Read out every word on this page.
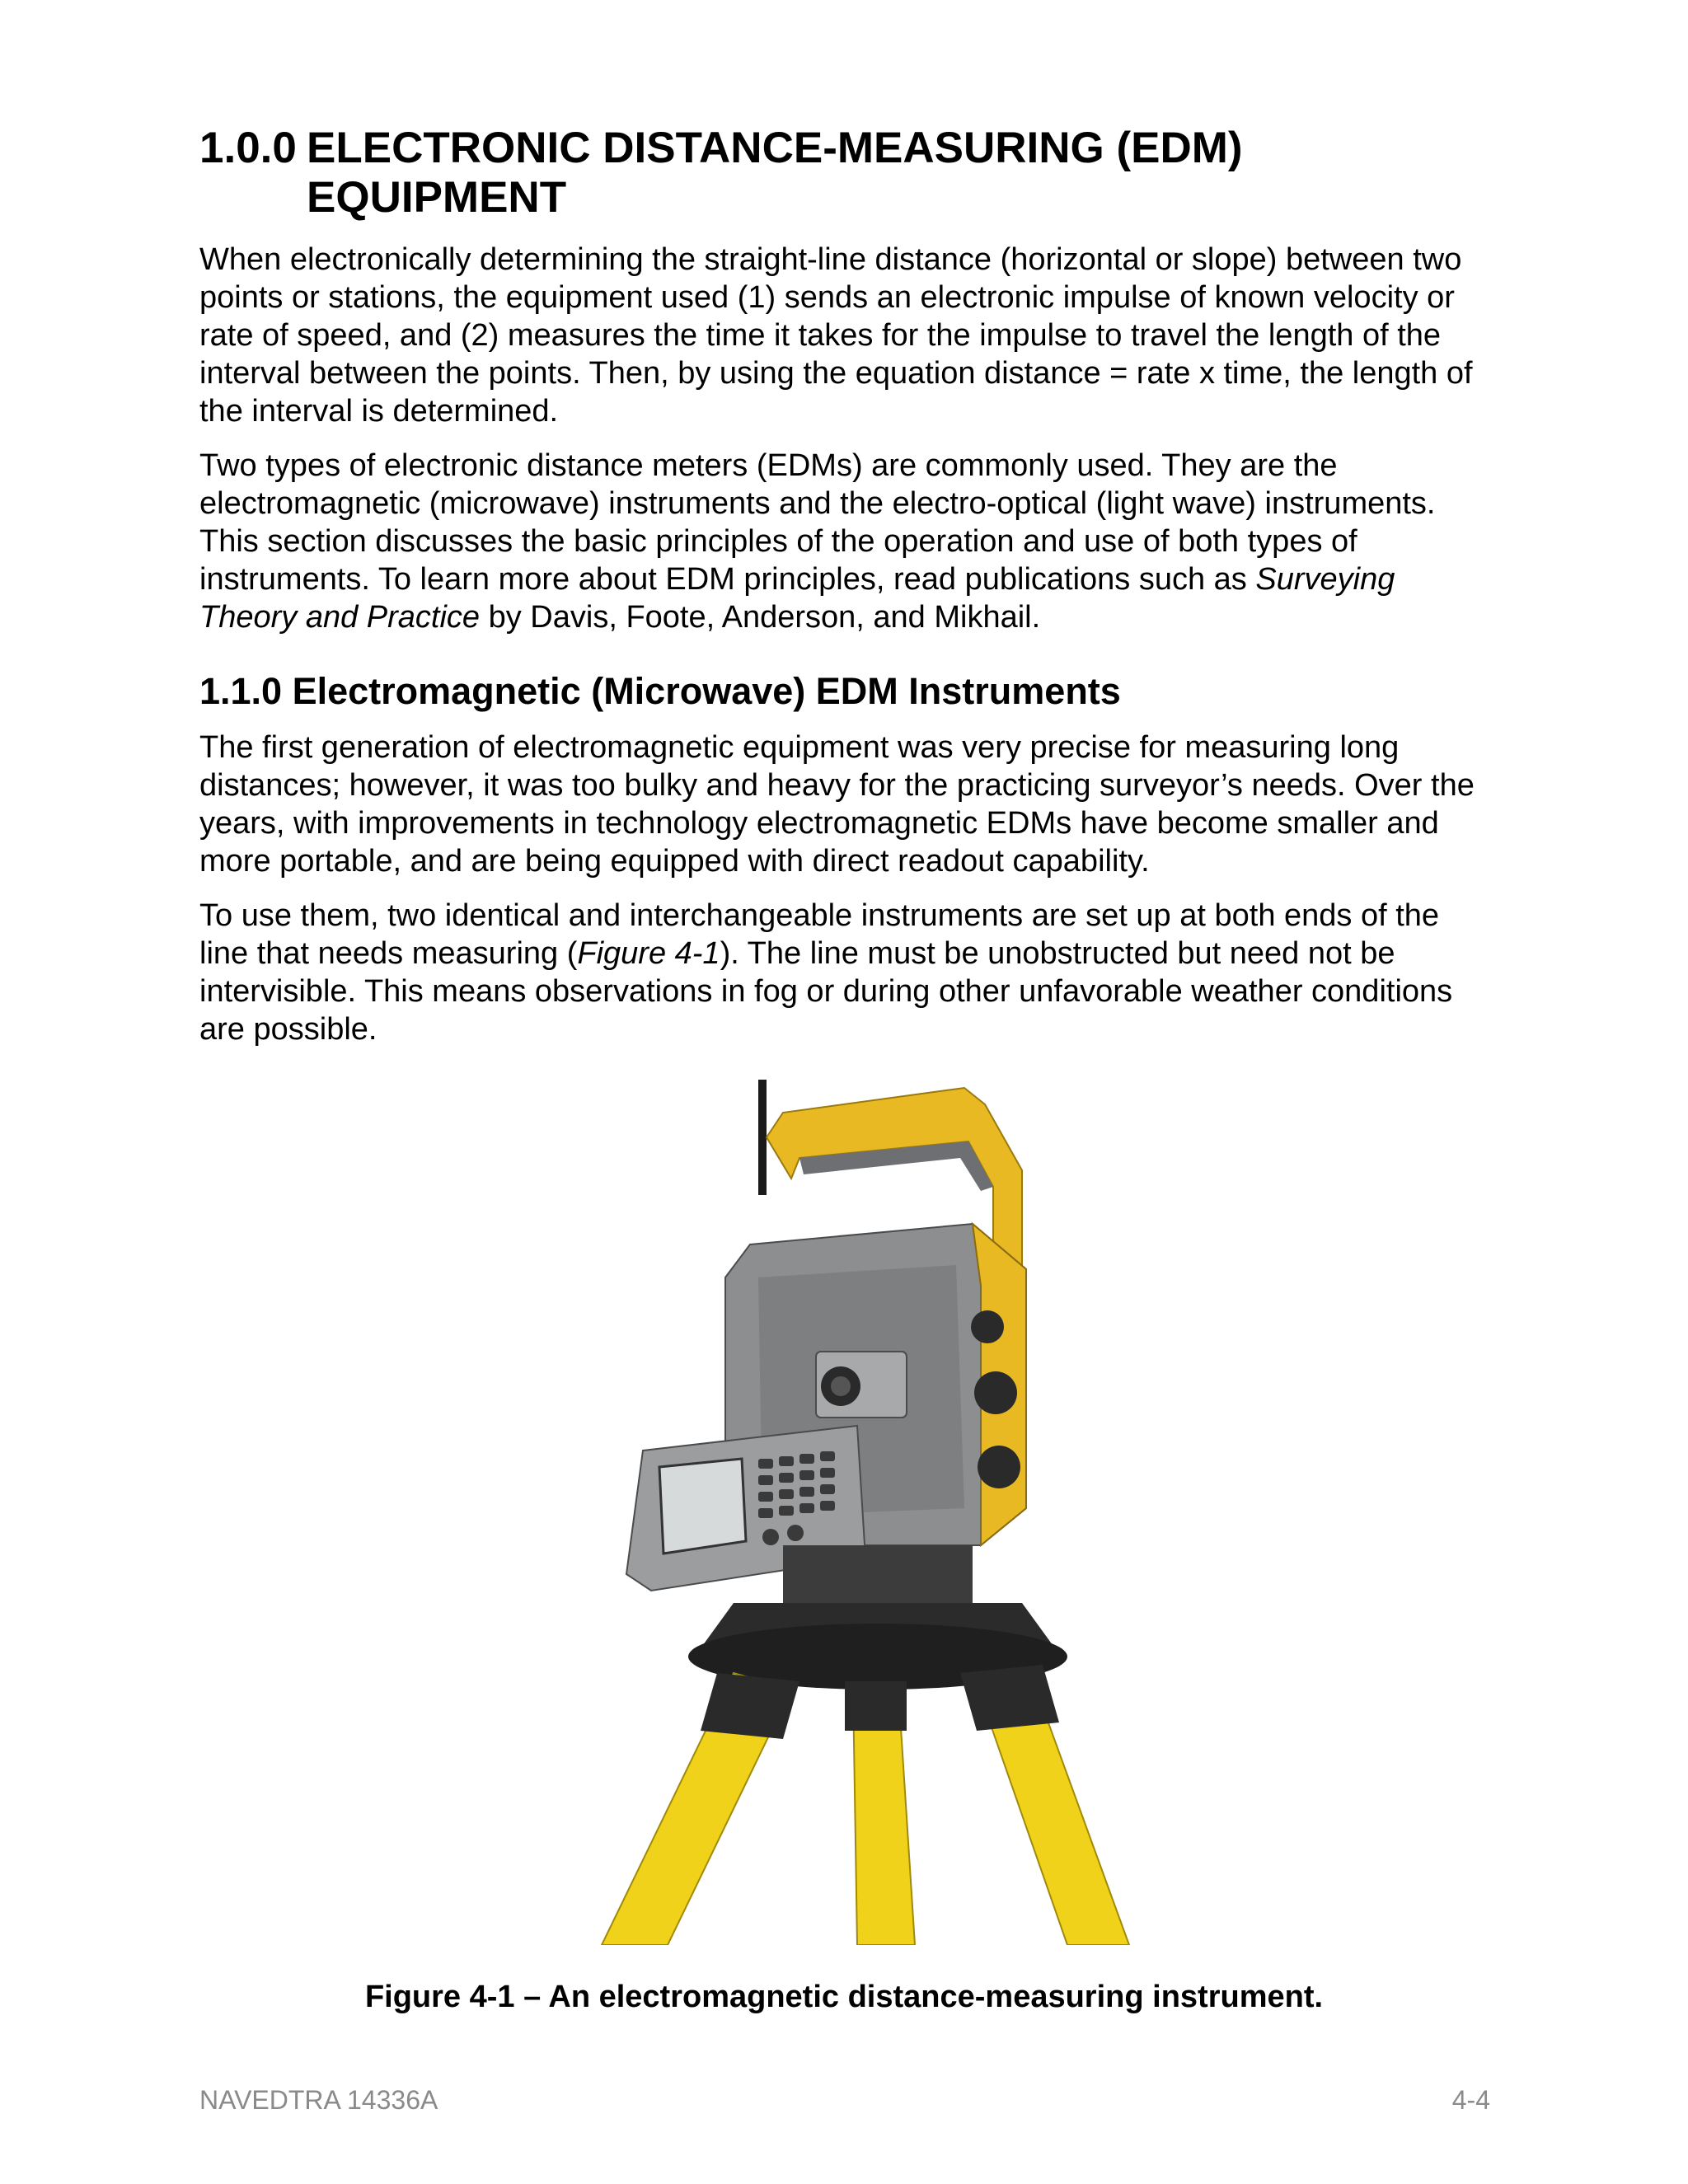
1.0.0 ELECTRONIC DISTANCE-MEASURING (EDM) EQUIPMENT

When electronically determining the straight-line distance (horizontal or slope) between two points or stations, the equipment used (1) sends an electronic impulse of known velocity or rate of speed, and (2) measures the time it takes for the impulse to travel the length of the interval between the points. Then, by using the equation distance = rate x time, the length of the interval is determined.

Two types of electronic distance meters (EDMs) are commonly used. They are the electromagnetic (microwave) instruments and the electro-optical (light wave) instruments. This section discusses the basic principles of the operation and use of both types of instruments. To learn more about EDM principles, read publications such as Surveying Theory and Practice by Davis, Foote, Anderson, and Mikhail.

1.1.0 Electromagnetic (Microwave) EDM Instruments

The first generation of electromagnetic equipment was very precise for measuring long distances; however, it was too bulky and heavy for the practicing surveyor’s needs. Over the years, with improvements in technology electromagnetic EDMs have become smaller and more portable, and are being equipped with direct readout capability.

To use them, two identical and interchangeable instruments are set up at both ends of the line that needs measuring (Figure 4-1). The line must be unobstructed but need not be intervisible. This means observations in fog or during other unfavorable weather conditions are possible.

Figure 4-1 – An electromagnetic distance-measuring instrument.
NAVEDTRA 14336A	4-4
